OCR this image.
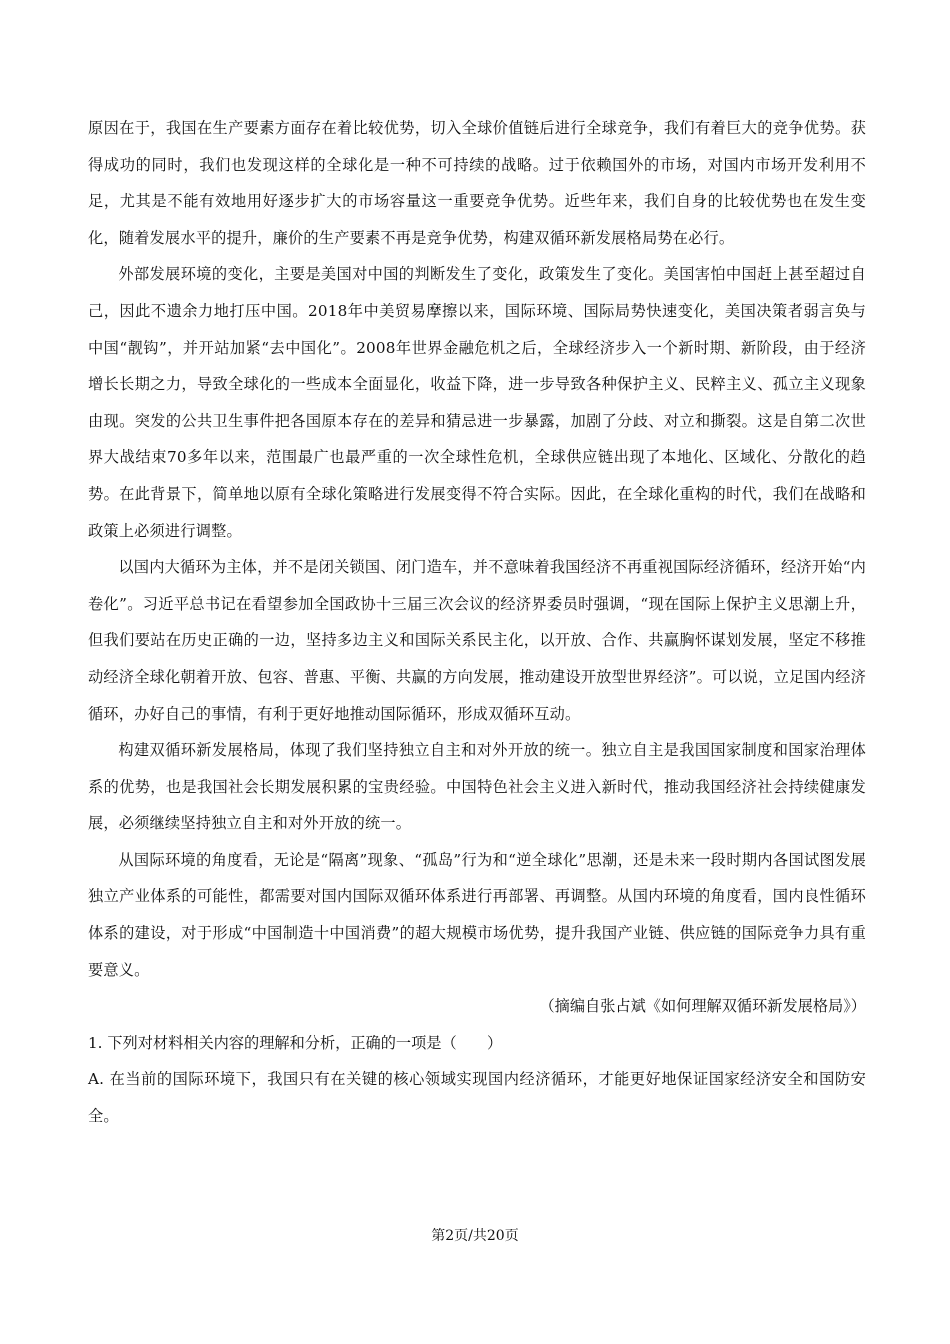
原因在于，我国在生产要素方面存在着比较优势，切入全球价值链后进行全球竞争，我们有着巨大的竞争优势。获得成功的同时，我们也发现这样的全球化是一种不可持续的战略。过于依赖国外的市场，对国内市场开发利用不足，尤其是不能有效地用好逐步扩大的市场容量这一重要竞争优势。近些年来，我们自身的比较优势也在发生变化，随着发展水平的提升，廉价的生产要素不再是竞争优势，构建双循环新发展格局势在必行。

外部发展环境的变化，主要是美国对中国的判断发生了变化，政策发生了变化。美国害怕中国赶上甚至超过自己，因此不遗余力地打压中国。2018年中美贸易摩擦以来，国际环境、国际局势快速变化，美国决策者弱言奂与中国“靓钩”，并开站加紧“去中国化”。2008年世界金融危机之后，全球经济步入一个新时期、新阶段，由于经济增长长期之力，导致全球化的一些成本全面显化，收益下降，进一步导致各种保护主义、民粹主义、孤立主义现象由现。突发的公共卫生事件把各国原本存在的差异和猜忌进一步暴露，加剧了分歧、对立和撕裂。这是自第二次世界大战结束70多年以来，范围最广也最严重的一次全球性危机，全球供应链出现了本地化、区域化、分散化的趋势。在此背景下，简单地以原有全球化策略进行发展变得不符合实际。因此，在全球化重构的时代，我们在战略和政策上必须进行调整。

以国内大循环为主体，并不是闭关锁国、闭门造车，并不意味着我国经济不再重视国际经济循环，经济开始“内卷化”。习近平总书记在看望参加全国政协十三届三次会议的经济界委员时强调，“现在国际上保护主义思潮上升，但我们要站在历史正确的一边，坚持多边主义和国际关系民主化，以开放、合作、共赢胸怀谋划发展，坚定不移推动经济全球化朝着开放、包容、普惠、平衡、共赢的方向发展，推动建设开放型世界经济”。可以说，立足国内经济循环，办好自己的事情，有利于更好地推动国际循环，形成双循环互动。

构建双循环新发展格局，体现了我们坚持独立自主和对外开放的统一。独立自主是我国国家制度和国家治理体系的优势，也是我国社会长期发展积累的宝贵经验。中国特色社会主义进入新时代，推动我国经济社会持续健康发展，必须继续坚持独立自主和对外开放的统一。

从国际环境的角度看，无论是“隔离”现象、“孤岛”行为和“逆全球化”思潮，还是未来一段时期内各国试图发展独立产业体系的可能性，都需要对国内国际双循环体系进行再部署、再调整。从国内环境的角度看，国内良性循环体系的建设，对于形成“中国制造十中国消费”的超大规模市场优势，提升我国产业链、供应链的国际竞争力具有重要意义。

（摘编自张占斌《如何理解双循环新发展格局》）

1. 下列对材料相关内容的理解和分析，正确的一项是（　　）

A. 在当前的国际环境下，我国只有在关键的核心领域实现国内经济循环，才能更好地保证国家经济安全和国防安全。

第2页/共20页
